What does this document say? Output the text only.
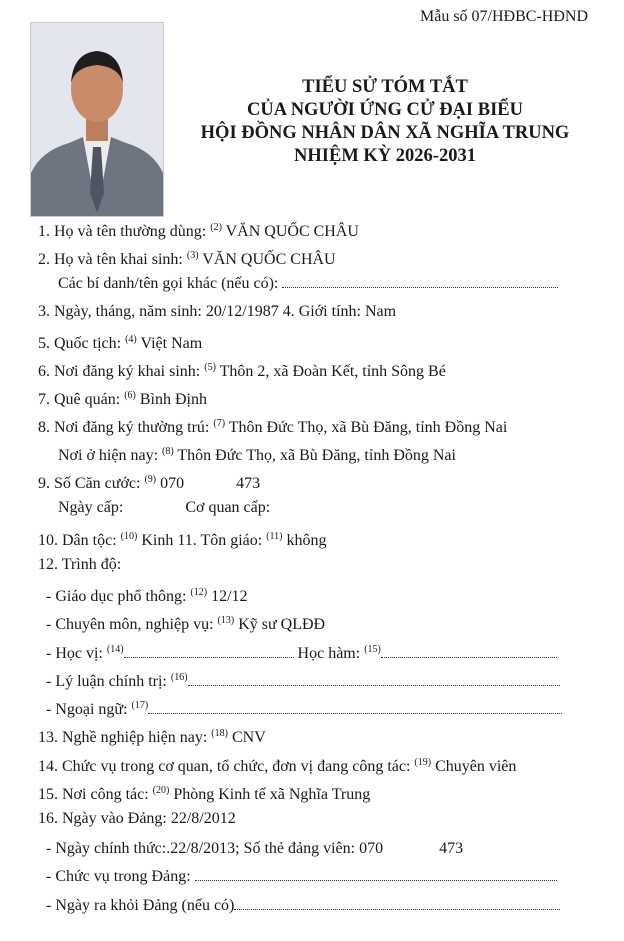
Mẫu số 07/HĐBC-HĐND
TIỂU SỬ TÓM TẮT
CỦA NGƯỜI ỨNG CỬ ĐẠI BIỂU
HỘI ĐỒNG NHÂN DÂN XÃ NGHĨA TRUNG
NHIỆM KỲ 2026-2031
1. Họ và tên thường dùng: $^{(2)}$ VĂN QUỐC CHÂU
2. Họ và tên khai sinh: $^{(3)}$ VĂN QUỐC CHÂU
Các bí danh/tên gọi khác (nếu có):
3. Ngày, tháng, năm sinh: 20/12/1987 4. Giới tính: Nam
5. Quốc tịch: $^{(4)}$ Việt Nam
6. Nơi đăng ký khai sinh: $^{(5)}$ Thôn 2, xã Đoàn Kết, tỉnh Sông Bé
7. Quê quán: $^{(6)}$ Bình Định
8. Nơi đăng ký thường trú: $^{(7)}$ Thôn Đức Thọ, xã Bù Đăng, tỉnh Đồng Nai
Nơi ở hiện nay: $^{(8)}$ Thôn Đức Thọ, xã Bù Đăng, tỉnh Đồng Nai
9. Số Căn cước: $^{(9)}$ 070	473
Ngày cấp:	Cơ quan cấp:
10. Dân tộc: $^{(10)}$ Kinh 11. Tôn giáo: $^{(11)}$ không
12. Trình độ:
- Giáo dục phổ thông: $^{(12)}$ 12/12
- Chuyên môn, nghiệp vụ: $^{(13)}$ Kỹ sư QLĐĐ
- Học vị: $^{(14)}$	Học hàm: $^{(15)}$
- Lý luận chính trị: $^{(16)}$
- Ngoại ngữ: $^{(17)}$
13. Nghề nghiệp hiện nay: $^{(18)}$ CNV
14. Chức vụ trong cơ quan, tổ chức, đơn vị đang công tác: $^{(19)}$ Chuyên viên
15. Nơi công tác: $^{(20)}$ Phòng Kinh tế xã Nghĩa Trung
16. Ngày vào Đảng: 22/8/2012
- Ngày chính thức:.22/8/2013; Số thẻ đảng viên: 070	473
- Chức vụ trong Đảng:
- Ngày ra khỏi Đảng (nếu có)
